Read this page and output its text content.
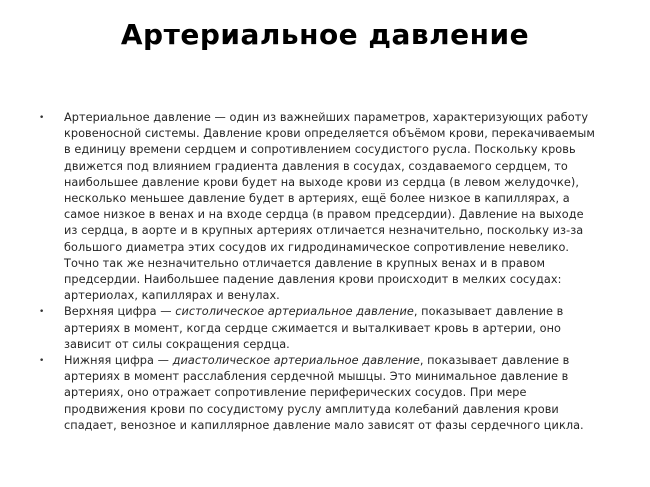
Артериальное давление
• Артериальное давление — один из важнейших параметров, характеризующих работу кровеносной системы. Давление крови определяется объёмом крови, перекачиваемым в единицу времени сердцем и сопротивлением сосудистого русла. Поскольку кровь движется под влиянием градиента давления в сосудах, создаваемого сердцем, то наибольшее давление крови будет на выходе крови из сердца (в левом желудочке), несколько меньшее давление будет в артериях, ещё более низкое в капиллярах, а самое низкое в венах и на входе сердца (в правом предсердии). Давление на выходе из сердца, в аорте и в крупных артериях отличается незначительно, поскольку из-за большого диаметра этих сосудов их гидродинамическое сопротивление невелико. Точно так же незначительно отличается давление в крупных венах и в правом предсердии. Наибольшее падение давления крови происходит в мелких сосудах: артериолах, капиллярах и венулах.
• Верхняя цифра — систолическое артериальное давление, показывает давление в артериях в момент, когда сердце сжимается и выталкивает кровь в артерии, оно зависит от силы сокращения сердца.
• Нижняя цифра — диастолическое артериальное давление, показывает давление в артериях в момент расслабления сердечной мышцы. Это минимальное давление в артериях, оно отражает сопротивление периферических сосудов. При мере продвижения крови по сосудистому руслу амплитуда колебаний давления крови спадает, венозное и капиллярное давление мало зависят от фазы сердечного цикла.
